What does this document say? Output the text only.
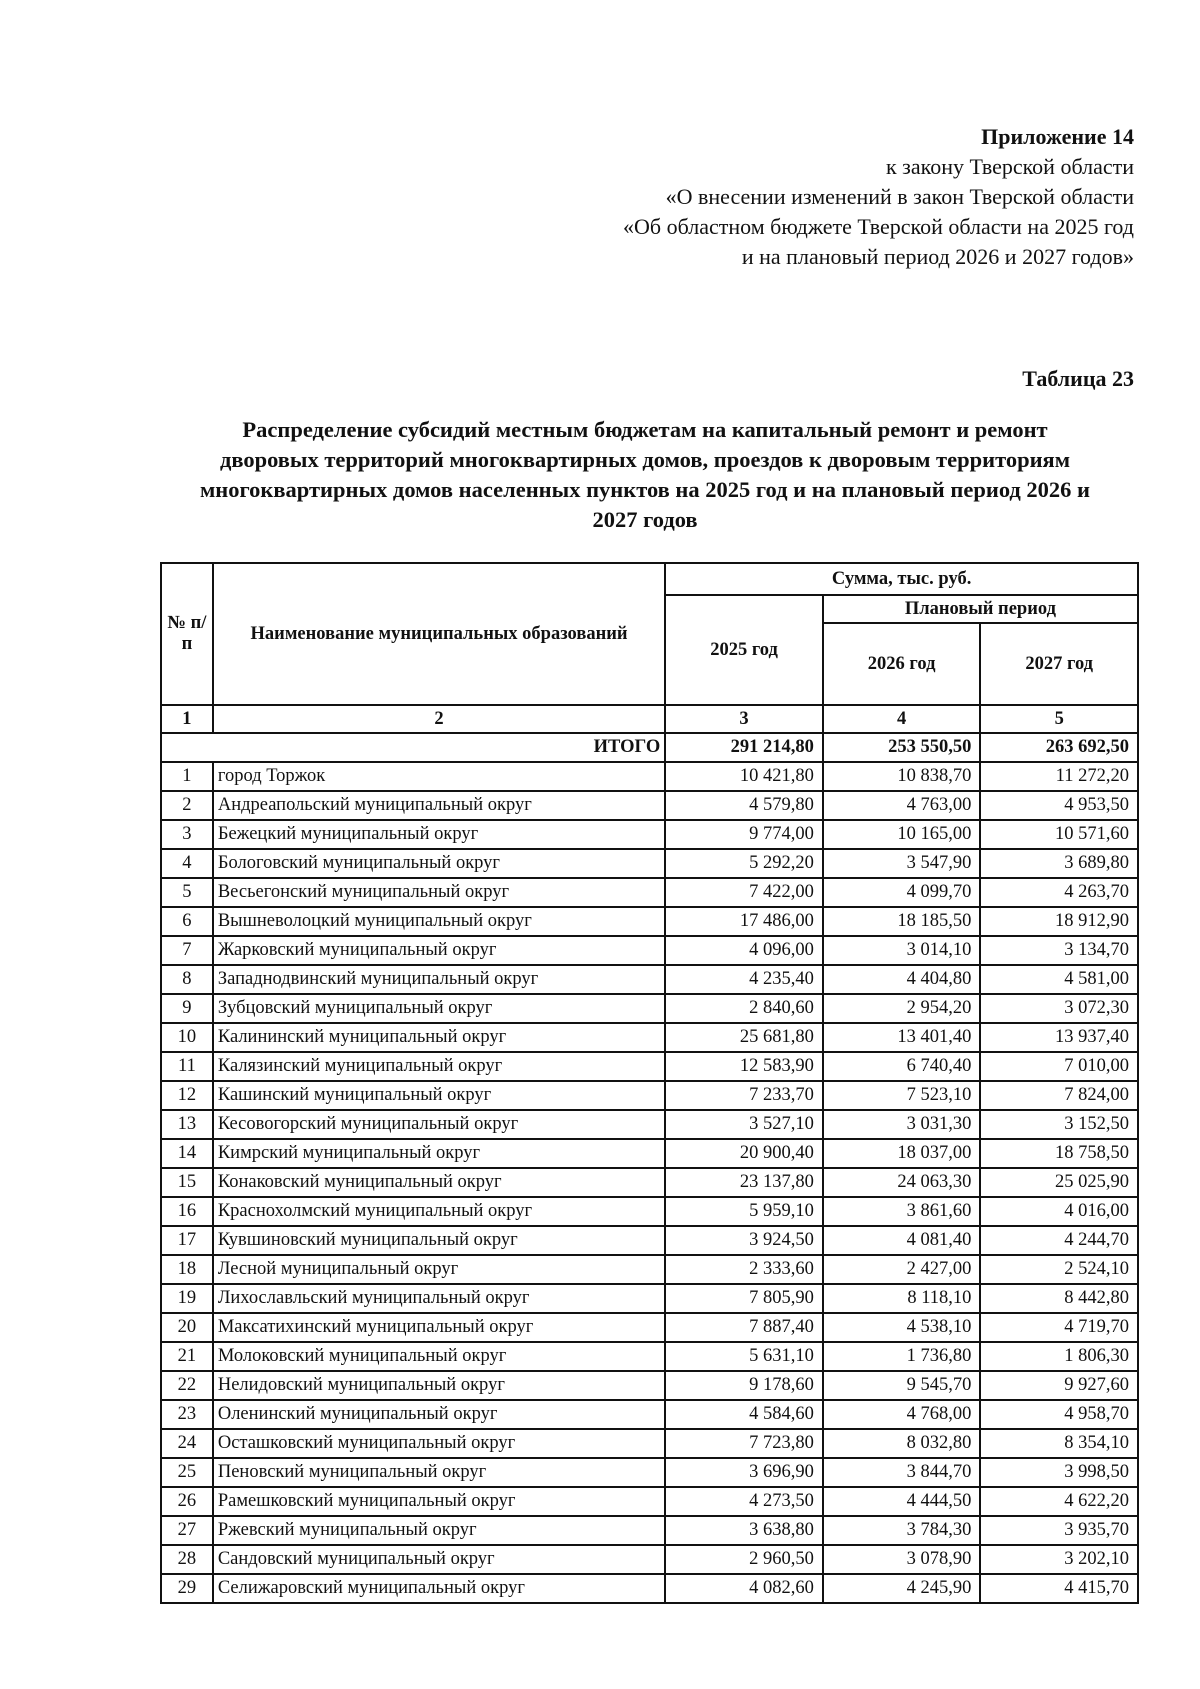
Приложение 14
к закону Тверской области
«О внесении изменений в закон Тверской области
«Об областном бюджете Тверской области на 2025 год
и на плановый период 2026 и 2027 годов»
Таблица 23
Распределение субсидий местным бюджетам на капитальный ремонт и ремонт
дворовых территорий многоквартирных домов, проездов к дворовым территориям
многоквартирных домов населенных пунктов на 2025 год и на плановый период 2026 и
2027 годов
№ п/п	Наименование муниципальных образований	Сумма, тыс. руб.		
		2025 год	Плановый период	
			2026 год	2027 год
1	2	3	4	5
ИТОГО		291 214,80	253 550,50	263 692,50
1	город Торжок	10 421,80	10 838,70	11 272,20
2	Андреапольский муниципальный округ	4 579,80	4 763,00	4 953,50
3	Бежецкий муниципальный округ	9 774,00	10 165,00	10 571,60
4	Бологовский муниципальный округ	5 292,20	3 547,90	3 689,80
5	Весьегонский муниципальный округ	7 422,00	4 099,70	4 263,70
6	Вышневолоцкий муниципальный округ	17 486,00	18 185,50	18 912,90
7	Жарковский муниципальный округ	4 096,00	3 014,10	3 134,70
8	Западнодвинский муниципальный округ	4 235,40	4 404,80	4 581,00
9	Зубцовский муниципальный округ	2 840,60	2 954,20	3 072,30
10	Калининский муниципальный округ	25 681,80	13 401,40	13 937,40
11	Калязинский муниципальный округ	12 583,90	6 740,40	7 010,00
12	Кашинский муниципальный округ	7 233,70	7 523,10	7 824,00
13	Кесовогорский муниципальный округ	3 527,10	3 031,30	3 152,50
14	Кимрский муниципальный округ	20 900,40	18 037,00	18 758,50
15	Конаковский муниципальный округ	23 137,80	24 063,30	25 025,90
16	Краснохолмский муниципальный округ	5 959,10	3 861,60	4 016,00
17	Кувшиновский муниципальный округ	3 924,50	4 081,40	4 244,70
18	Лесной муниципальный округ	2 333,60	2 427,00	2 524,10
19	Лихославльский муниципальный округ	7 805,90	8 118,10	8 442,80
20	Максатихинский муниципальный округ	7 887,40	4 538,10	4 719,70
21	Молоковский муниципальный округ	5 631,10	1 736,80	1 806,30
22	Нелидовский муниципальный округ	9 178,60	9 545,70	9 927,60
23	Оленинский муниципальный округ	4 584,60	4 768,00	4 958,70
24	Осташковский муниципальный округ	7 723,80	8 032,80	8 354,10
25	Пеновский муниципальный округ	3 696,90	3 844,70	3 998,50
26	Рамешковский муниципальный округ	4 273,50	4 444,50	4 622,20
27	Ржевский муниципальный округ	3 638,80	3 784,30	3 935,70
28	Сандовский муниципальный округ	2 960,50	3 078,90	3 202,10
29	Селижаровский муниципальный округ	4 082,60	4 245,90	4 415,70
